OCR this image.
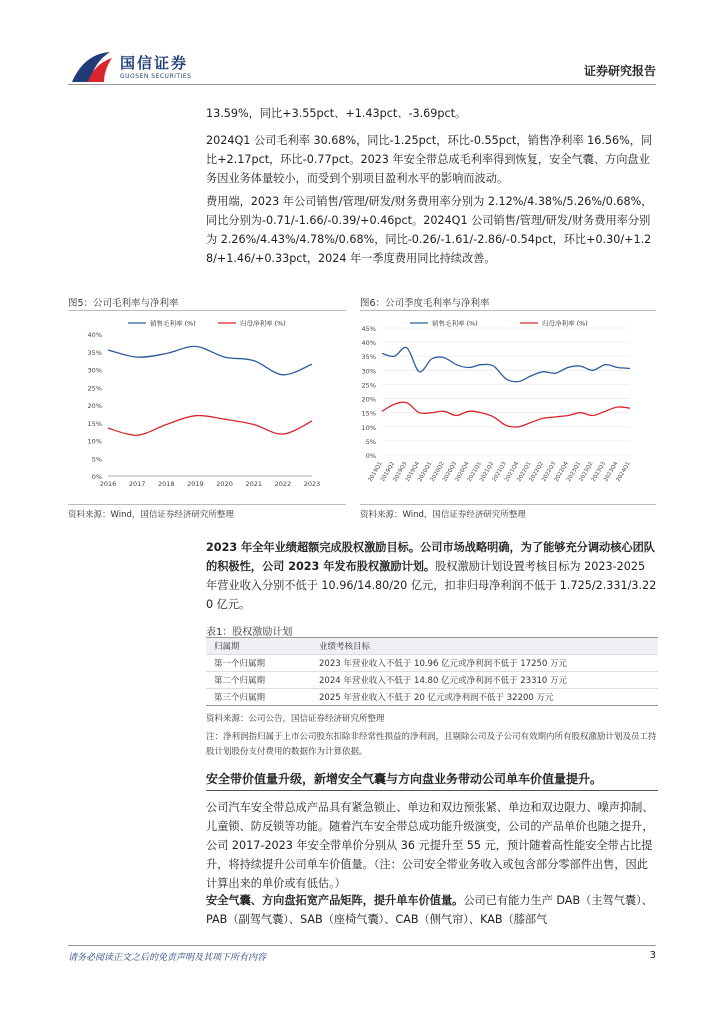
国信证券
GUOSEN SECURITIES	证券研究报告
13.59%，同比+3.55pct、+1.43pct、-3.69pct。
2024Q1 公司毛利率 30.68%，同比-1.25pct，环比-0.55pct，销售净利率 16.56%，同比+2.17pct，环比-0.77pct。2023 年安全带总成毛利率得到恢复，安全气囊、方向盘业务因业务体量较小，而受到个别项目盈利水平的影响而波动。
费用端，2023 年公司销售/管理/研发/财务费用率分别为 2.12%/4.38%/5.26%/0.68%，同比分别为-0.71/-1.66/-0.39/+0.46pct。2024Q1 公司销售/管理/研发/财务费用率分别为 2.26%/4.43%/4.78%/0.68%，同比-0.26/-1.61/-2.86/-0.54pct，环比+0.30/+1.28/+1.46/+0.33pct，2024 年一季度费用同比持续改善。
图5：公司毛利率与净利率
0%
5%
10%
15%
20%
25%
30%
35%
40%
2016 2017 2018 2019 2020 2021 2022 2023
销售毛利率 (%)	归母净利率 (%)
资料来源：Wind，国信证券经济研究所整理
图6：公司季度毛利率与净利率
0%
5%
10%
15%
20%
25%
30%
35%
40%
45%
2019Q1
2019Q2
2019Q3
2019Q4
2020Q1
2020Q2
2020Q3
2020Q4
2021Q1
2021Q2
2021Q3
2021Q4
2022Q1
2022Q2
2022Q3
2022Q4
2023Q1
2023Q2
2023Q3
2023Q4
2024Q1
销售毛利率 (%)	归母净利率 (%)
资料来源：Wind，国信证券经济研究所整理
2023 年全年业绩超额完成股权激励目标。公司市场战略明确，为了能够充分调动核心团队的积极性，公司 2023 年发布股权激励计划。股权激励计划设置考核目标为 2023-2025 年营业收入分别不低于 10.96/14.80/20 亿元，扣非归母净利润不低于 1.725/2.331/3.220 亿元。
表1：股权激励计划
归属期	业绩考核目标
第一个归属期	2023 年营业收入不低于 10.96 亿元或净利润不低于 17250 万元
第二个归属期	2024 年营业收入不低于 14.80 亿元或净利润不低于 23310 万元
第三个归属期	2025 年营业收入不低于 20 亿元或净利润不低于 32200 万元
资料来源：公司公告，国信证券经济研究所整理
注：净利润指归属于上市公司股东扣除非经常性损益的净利润，且剔除公司及子公司有效期内所有股权激励计划及员工持股计划股份支付费用的数据作为计算依据。
安全带价值量升级，新增安全气囊与方向盘业务带动公司单车价值量提升。
公司汽车安全带总成产品具有紧急锁止、单边和双边预张紧、单边和双边限力、噪声抑制、儿童锁、防反锁等功能。随着汽车安全带总成功能升级演变，公司的产品单价也随之提升，公司 2017-2023 年安全带单价分别从 36 元提升至 55 元，预计随着高性能安全带占比提升，将持续提升公司单车价值量。（注：公司安全带业务收入或包含部分零部件出售，因此计算出来的单价或有低估。）
安全气囊、方向盘拓宽产品矩阵，提升单车价值量。公司已有能力生产 DAB（主驾气囊）、PAB（副驾气囊）、SAB（座椅气囊）、CAB（侧气帘）、KAB（膝部气
请务必阅读正文之后的免责声明及其项下所有内容	3
